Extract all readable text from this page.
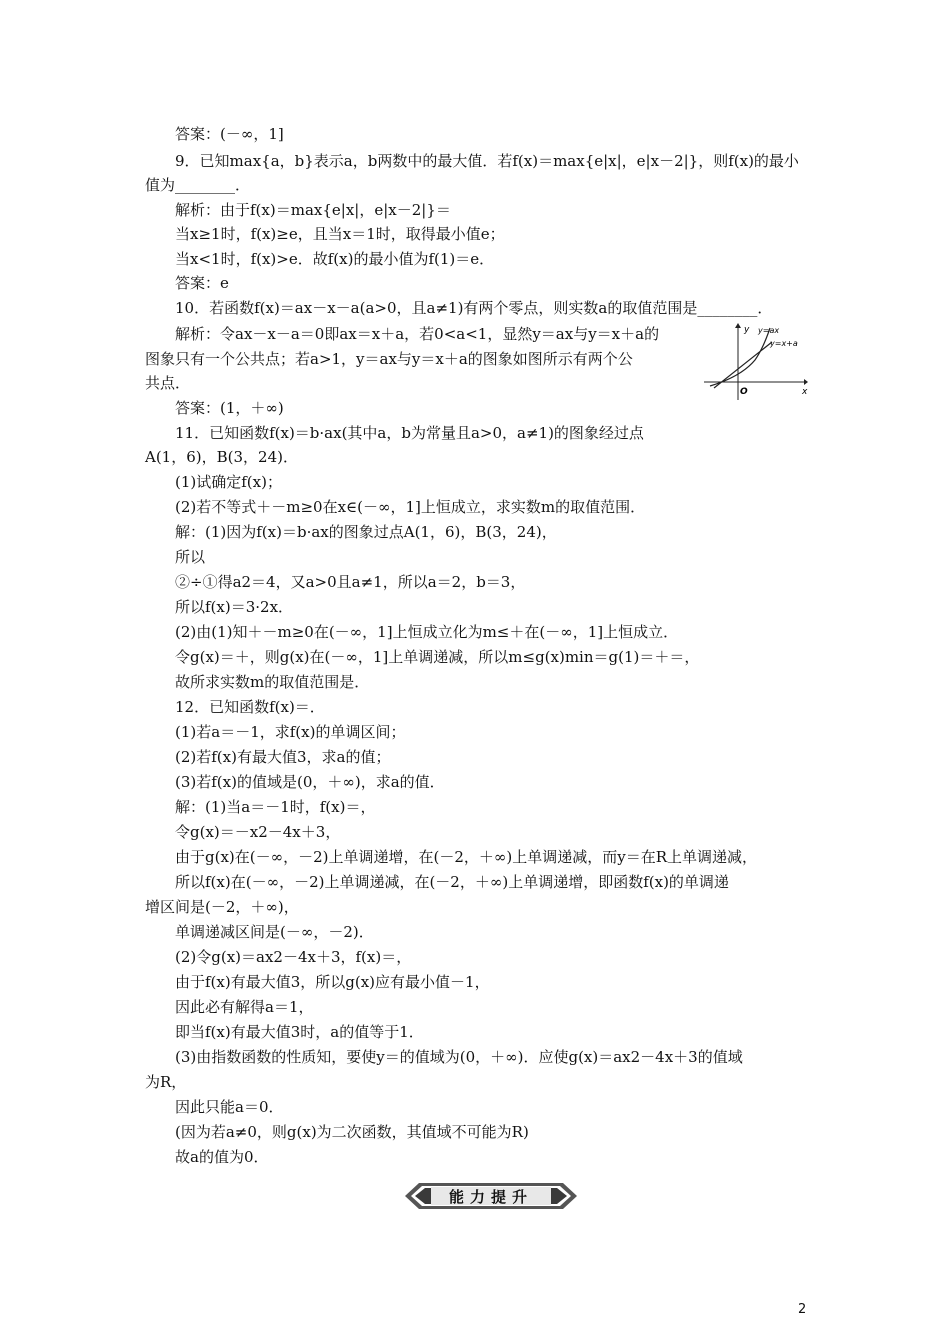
答案：(－∞，1]
9．已知max{a，b}表示a，b两数中的最大值．若f(x)＝max{e|x|，e|x－2|}，则f(x)的最小
值为________．
解析：由于f(x)＝max{e|x|，e|x－2|}＝
当x≥1时，f(x)≥e，且当x＝1时，取得最小值e；
当x<1时，f(x)>e．故f(x)的最小值为f(1)＝e．
答案：e
10．若函数f(x)＝ax－x－a(a>0，且a≠1)有两个零点，则实数a的取值范围是________．
解析：令ax－x－a＝0即ax＝x＋a，若0<a<1，显然y＝ax与y＝x＋a的
图象只有一个公共点；若a>1，y＝ax与y＝x＋a的图象如图所示有两个公
共点．
答案：(1，＋∞)
11．已知函数f(x)＝b·ax(其中a，b为常量且a>0，a≠1)的图象经过点
A(1，6)，B(3，24)．
(1)试确定f(x)；
(2)若不等式＋－m≥0在x∈(－∞，1]上恒成立，求实数m的取值范围．
解：(1)因为f(x)＝b·ax的图象过点A(1，6)，B(3，24)，
所以
②÷①得a2＝4，又a>0且a≠1，所以a＝2，b＝3，
所以f(x)＝3·2x．
(2)由(1)知＋－m≥0在(－∞，1]上恒成立化为m≤＋在(－∞，1]上恒成立．
令g(x)＝＋，则g(x)在(－∞，1]上单调递减，所以m≤g(x)min＝g(1)＝＋＝，
故所求实数m的取值范围是．
12．已知函数f(x)＝．
(1)若a＝－1，求f(x)的单调区间；
(2)若f(x)有最大值3，求a的值；
(3)若f(x)的值域是(0，＋∞)，求a的值．
解：(1)当a＝－1时，f(x)＝，
令g(x)＝－x2－4x＋3，
由于g(x)在(－∞，－2)上单调递增，在(－2，＋∞)上单调递减，而y＝在R上单调递减，
所以f(x)在(－∞，－2)上单调递减，在(－2，＋∞)上单调递增，即函数f(x)的单调递
增区间是(－2，＋∞)，
单调递减区间是(－∞，－2)．
(2)令g(x)＝ax2－4x＋3，f(x)＝，
由于f(x)有最大值3，所以g(x)应有最小值－1，
因此必有解得a＝1，
即当f(x)有最大值3时，a的值等于1．
(3)由指数函数的性质知，要使y＝的值域为(0，＋∞)．应使g(x)＝ax2－4x＋3的值域
为R，
因此只能a＝0．
(因为若a≠0，则g(x)为二次函数，其值域不可能为R)
故a的值为0．
y
x
O
y=ax
y=x+a
能力提升
2
